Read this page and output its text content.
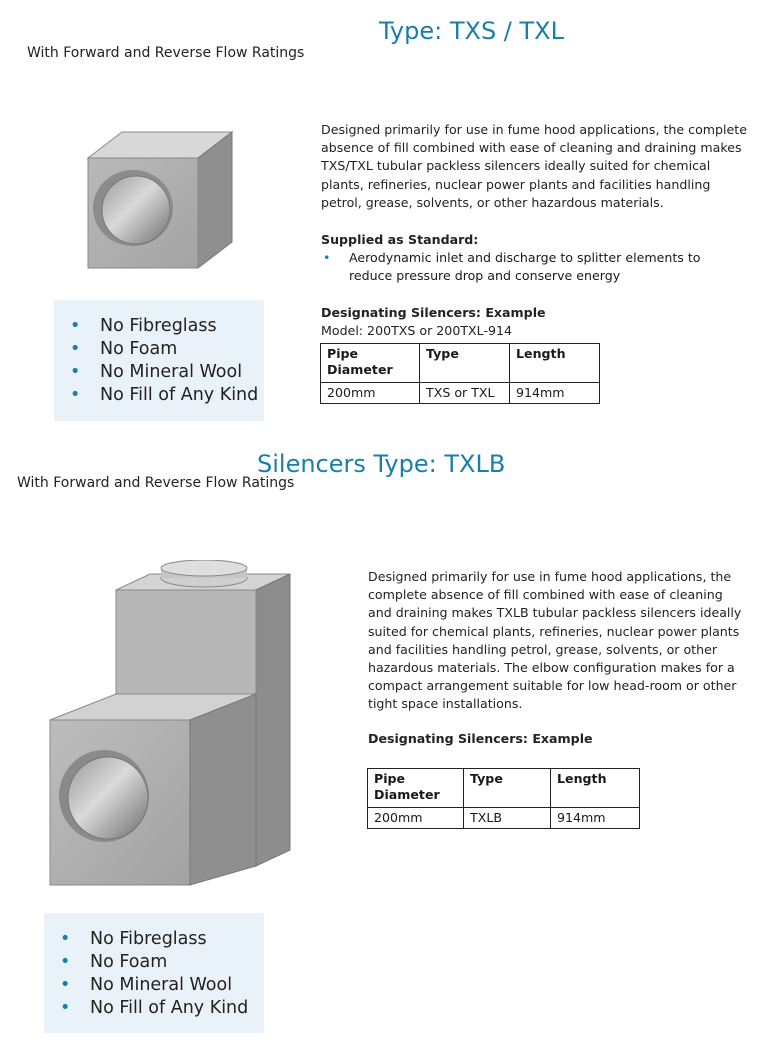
Type: TXS / TXL
With Forward and Reverse Flow Ratings
•	No Fibreglass
•	No Foam
•	No Mineral Wool
•	No Fill of Any Kind
Designed primarily for use in fume hood applications, the complete absence of fill combined with ease of cleaning and draining makes TXS/TXL tubular packless silencers ideally suited for chemical plants, refineries, nuclear power plants and facilities handling petrol, grease, solvents, or other hazardous materials.
Supplied as Standard:
•	Aerodynamic inlet and discharge to splitter elements to reduce pressure drop and conserve energy
Designating Silencers: Example
Model: 200TXS or 200TXL-914
Pipe Diameter	Type	Length
200mm	TXS or TXL	914mm
Silencers Type: TXLB
With Forward and Reverse Flow Ratings
Designed primarily for use in fume hood applications, the complete absence of fill combined with ease of cleaning and draining makes TXLB tubular packless silencers ideally suited for chemical plants, refineries, nuclear power plants and facilities handling petrol, grease, solvents, or other hazardous materials. The elbow configuration makes for a compact arrangement suitable for low head-room or other tight space installations.
Designating Silencers: Example
Pipe Diameter	Type	Length
200mm	TXLB	914mm
•	No Fibreglass
•	No Foam
•	No Mineral Wool
•	No Fill of Any Kind
